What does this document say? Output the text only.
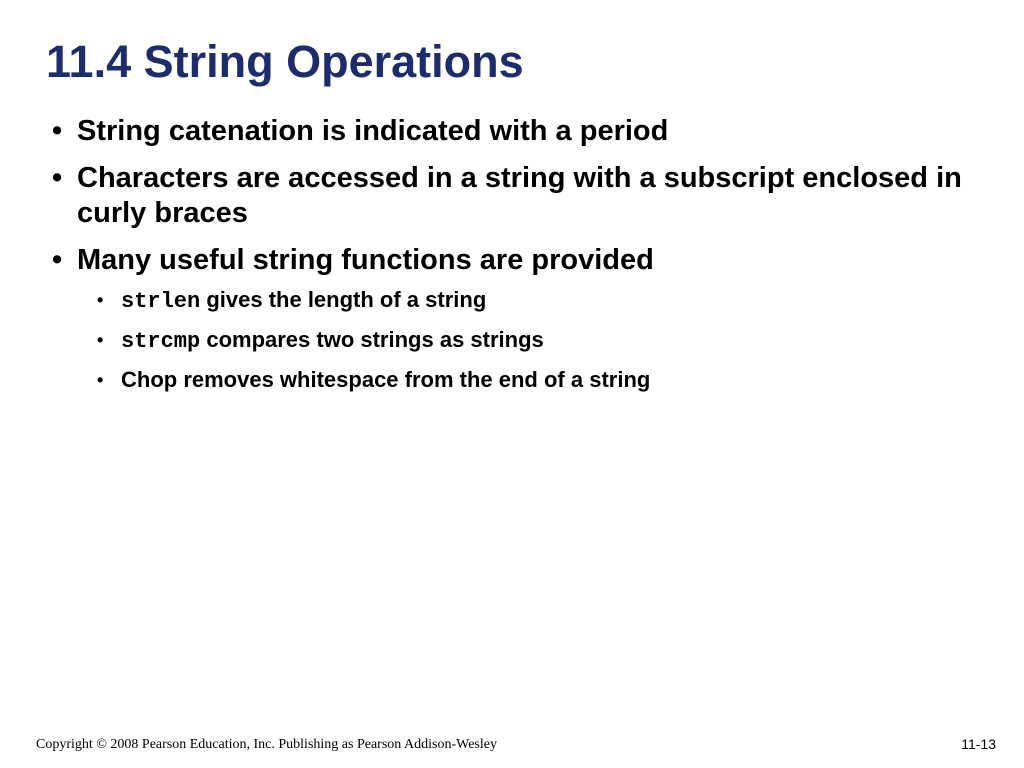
11.4 String Operations
• String catenation is indicated with a period
• Characters are accessed in a string with a subscript enclosed in curly braces
• Many useful string functions are provided
• strlen gives the length of a string
• strcmp compares two strings as strings
• Chop removes whitespace from the end of a string
Copyright © 2008 Pearson Education, Inc. Publishing as Pearson Addison-Wesley	11-13
